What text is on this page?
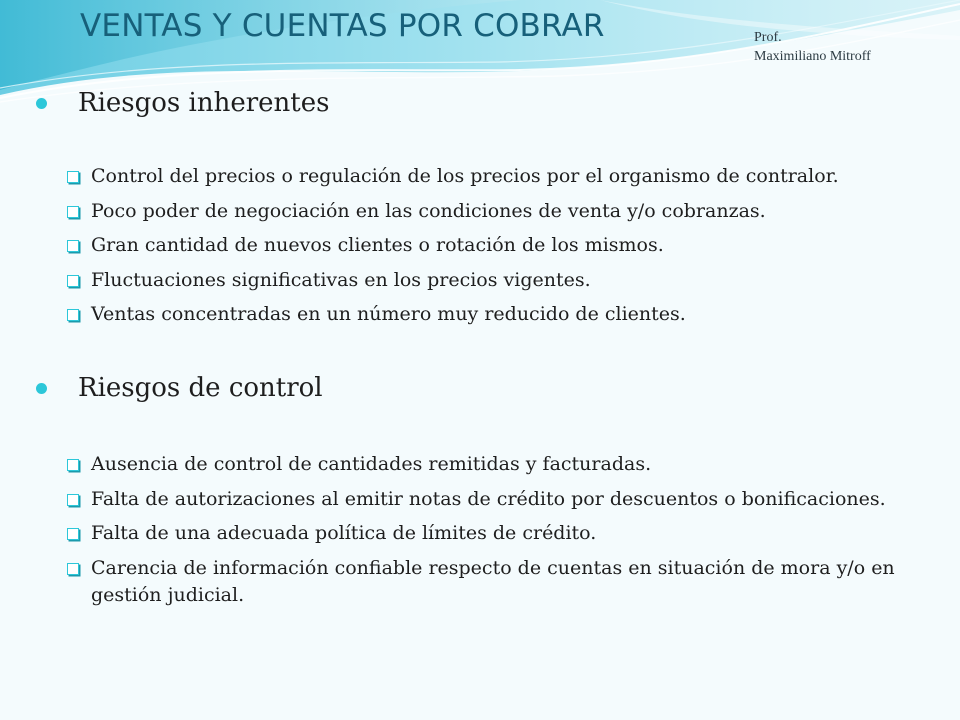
VENTAS Y CUENTAS POR COBRAR	Prof.
Maximiliano Mitroff
Riesgos inherentes
Control del precios o regulación de los precios por el organismo de contralor.
Poco poder de negociación en las condiciones de venta y/o cobranzas.
Gran cantidad de nuevos clientes o rotación de los mismos.
Fluctuaciones significativas en los precios vigentes.
Ventas concentradas en un número muy reducido de clientes.
Riesgos de control
Ausencia de control de cantidades remitidas y facturadas.
Falta de autorizaciones al emitir notas de crédito por descuentos o bonificaciones.
Falta de una adecuada política de límites de crédito.
Carencia de información confiable respecto de cuentas en situación de mora y/o en gestión judicial.
